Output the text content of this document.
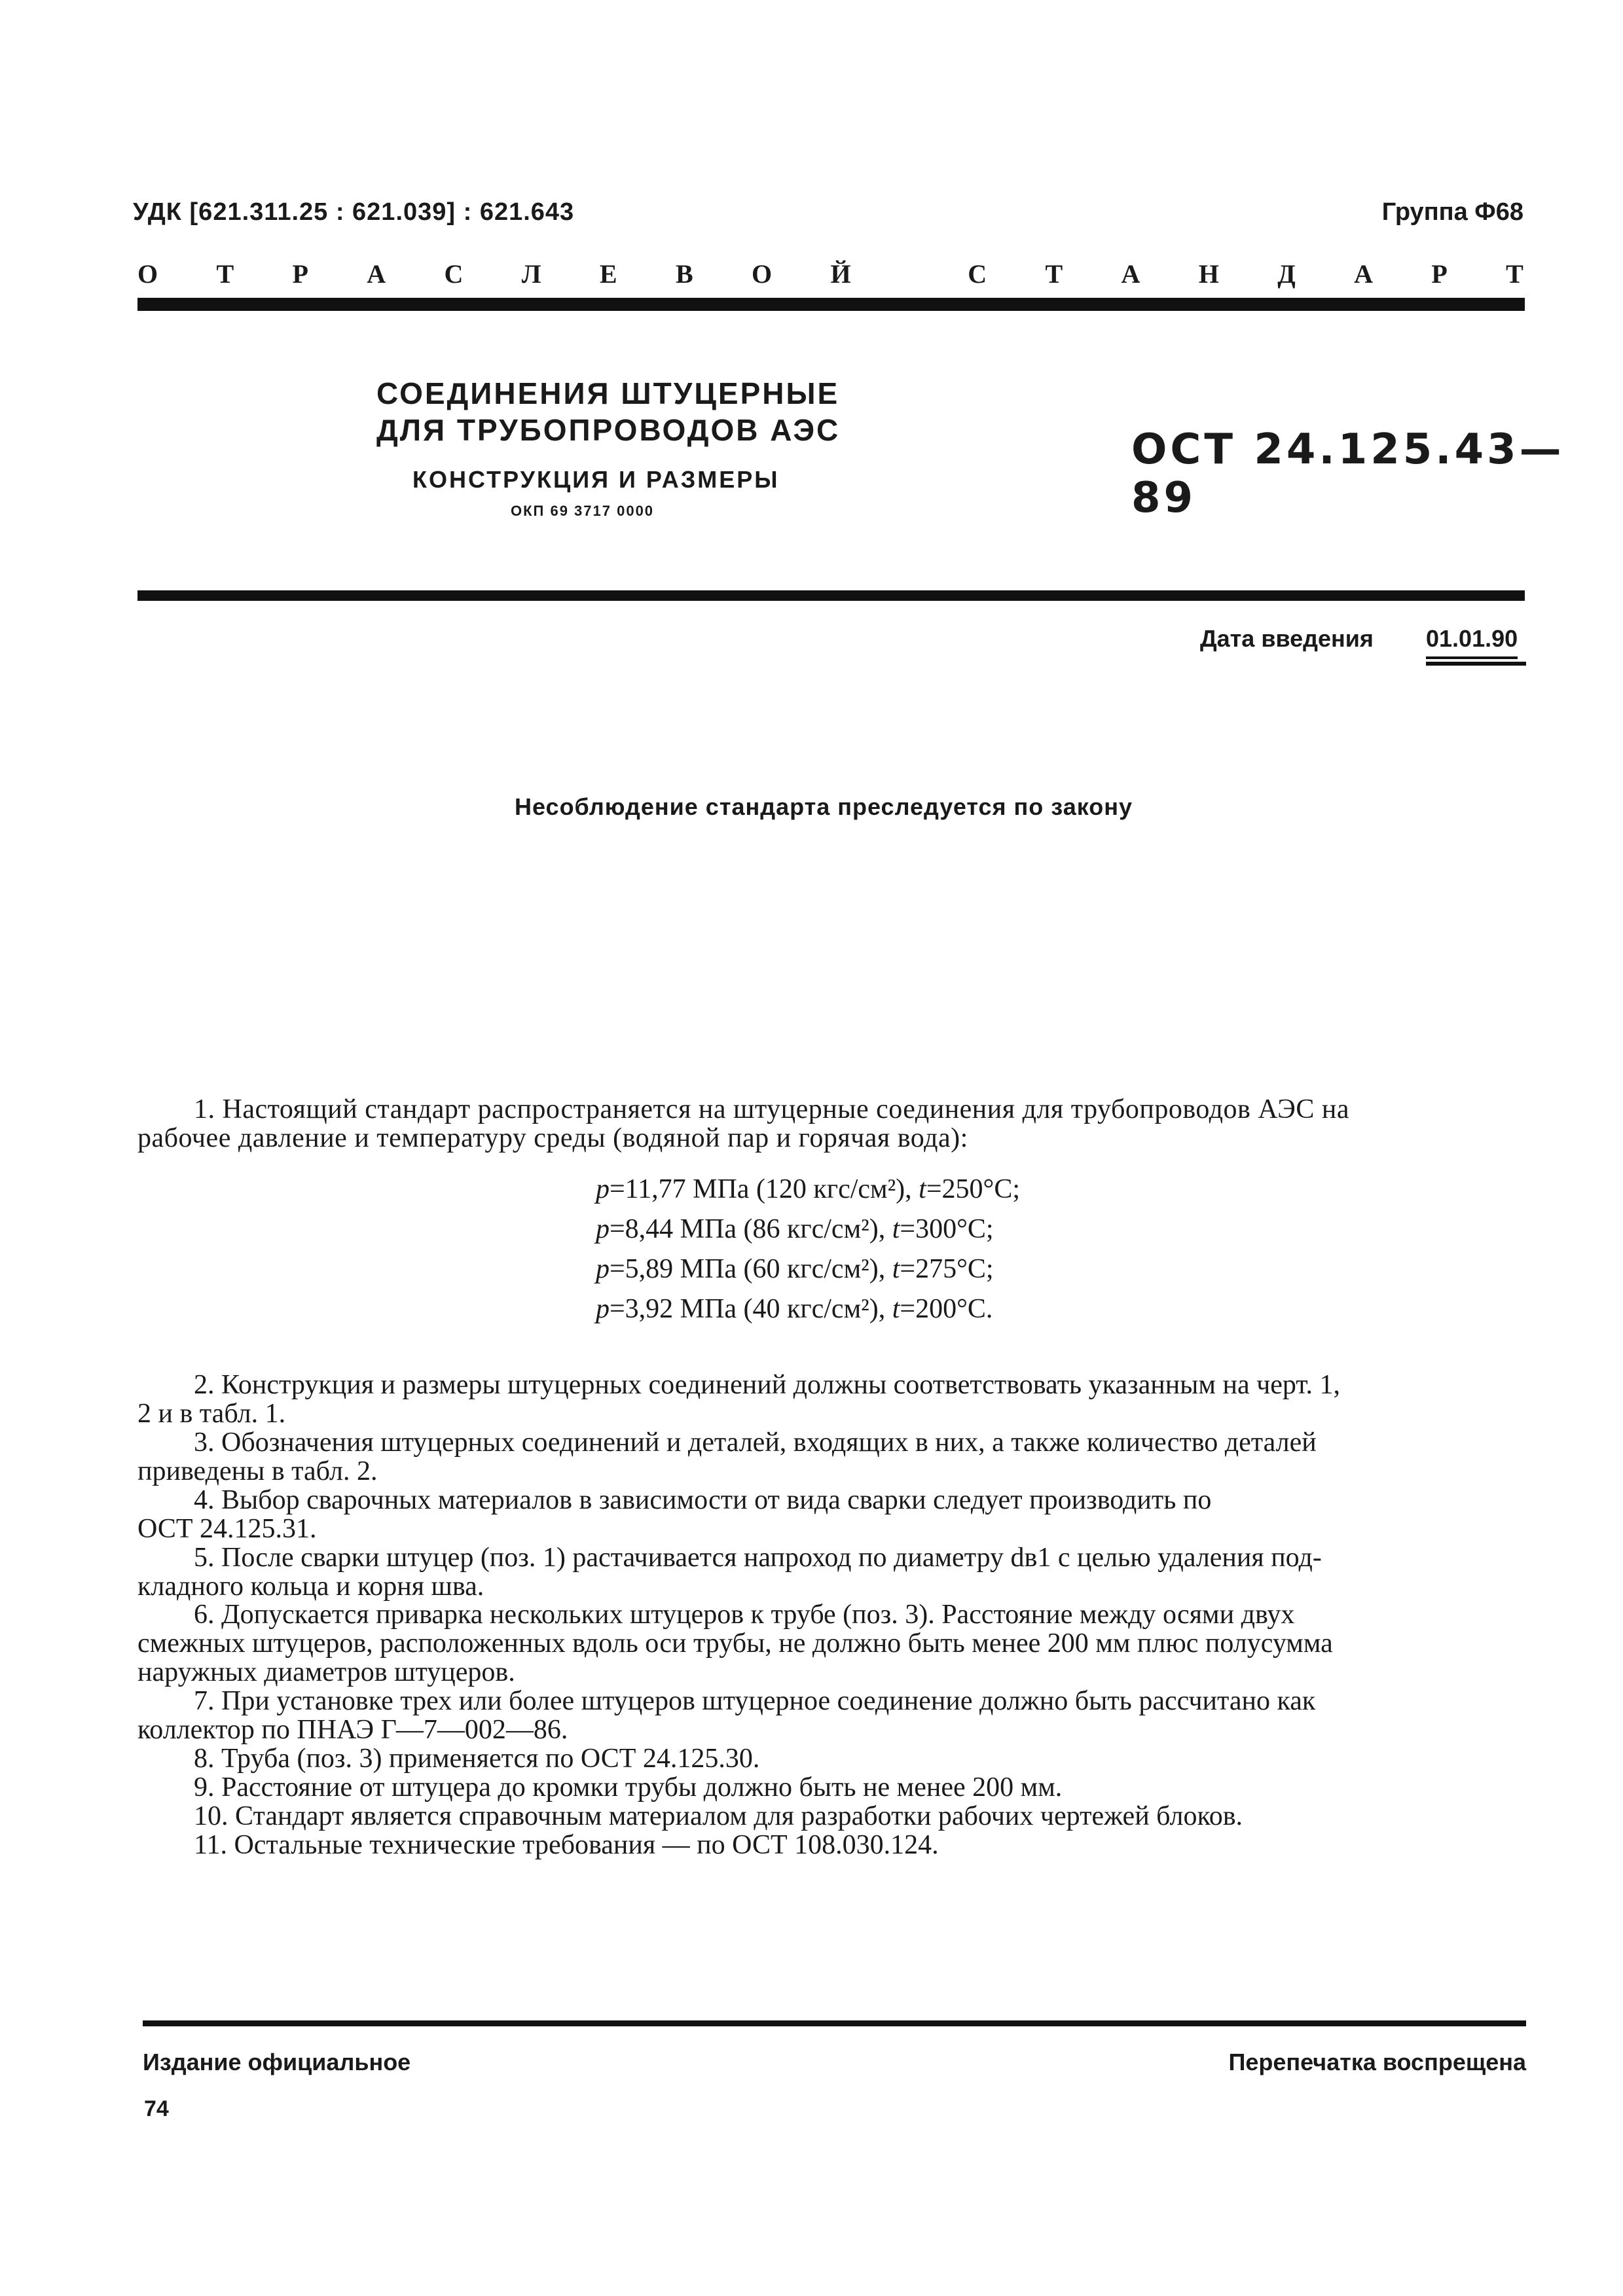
УДК [621.311.25 : 621.039] : 621.643	Группа Ф68
О Т Р А С Л Е В О Й	С Т А Н Д А Р Т
СОЕДИНЕНИЯ ШТУЦЕРНЫЕ
ДЛЯ ТРУБОПРОВОДОВ АЭС
КОНСТРУКЦИЯ И РАЗМЕРЫ
ОКП 69 3717 0000
ОСТ 24.125.43—89
Дата введения 01.01.90
Несоблюдение стандарта преследуется по закону
1. Настоящий стандарт распространяется на штуцерные соединения для трубопроводов АЭС на
рабочее давление и температуру среды (водяной пар и горячая вода):
p=11,77 МПа (120 кгс/см²), t=250°С;
p=8,44 МПа (86 кгс/см²), t=300°С;
p=5,89 МПа (60 кгс/см²), t=275°С;
p=3,92 МПа (40 кгс/см²), t=200°С.
2. Конструкция и размеры штуцерных соединений должны соответствовать указанным на черт. 1,
2 и в табл. 1.
3. Обозначения штуцерных соединений и деталей, входящих в них, а также количество деталей
приведены в табл. 2.
4. Выбор сварочных материалов в зависимости от вида сварки следует производить по
ОСТ 24.125.31.
5. После сварки штуцер (поз. 1) растачивается напроход по диаметру dв1 с целью удаления под-
кладного кольца и корня шва.
6. Допускается приварка нескольких штуцеров к трубе (поз. 3). Расстояние между осями двух
смежных штуцеров, расположенных вдоль оси трубы, не должно быть менее 200 мм плюс полусумма
наружных диаметров штуцеров.
7. При установке трех или более штуцеров штуцерное соединение должно быть рассчитано как
коллектор по ПНАЭ Г—7—002—86.
8. Труба (поз. 3) применяется по ОСТ 24.125.30.
9. Расстояние от штуцера до кромки трубы должно быть не менее 200 мм.
10. Стандарт является справочным материалом для разработки рабочих чертежей блоков.
11. Остальные технические требования — по ОСТ 108.030.124.
Издание официальное	Перепечатка воспрещена
74
